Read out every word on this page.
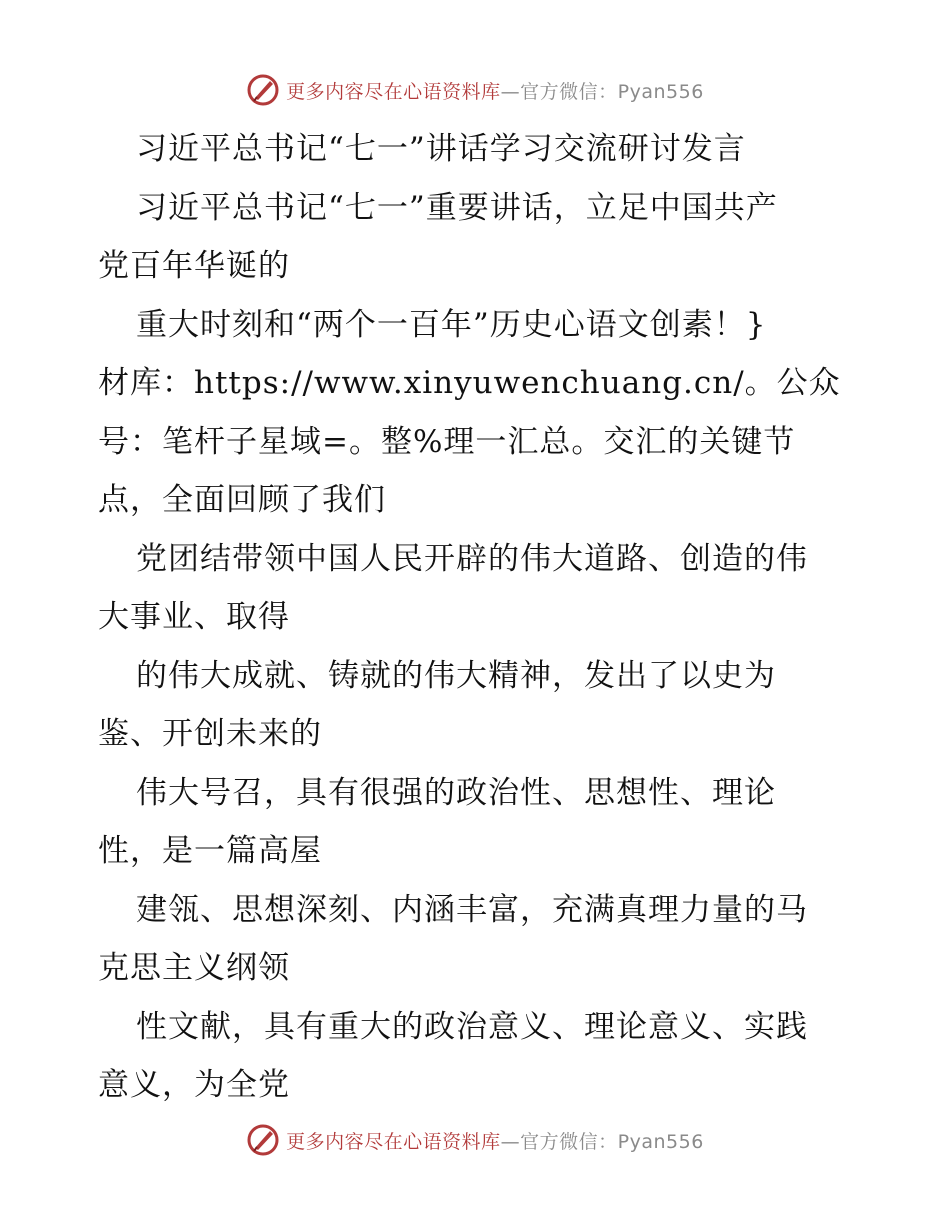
更多内容尽在心语资料库—官方微信：Pyan556
习近平总书记“七一”讲话学习交流研讨发言
习近平总书记“七一”重要讲话，立足中国共产
党百年华诞的
重大时刻和“两个一百年”历史心语文创素！}
材库：https://www.xinyuwenchuang.cn/。公众
号：笔杆子星域=。整%理一汇总。交汇的关键节
点，全面回顾了我们
党团结带领中国人民开辟的伟大道路、创造的伟
大事业、取得
的伟大成就、铸就的伟大精神，发出了以史为
鉴、开创未来的
伟大号召，具有很强的政治性、思想性、理论
性，是一篇高屋
建瓴、思想深刻、内涵丰富，充满真理力量的马
克思主义纲领
性文献，具有重大的政治意义、理论意义、实践
意义，为全党
更多内容尽在心语资料库—官方微信：Pyan556
